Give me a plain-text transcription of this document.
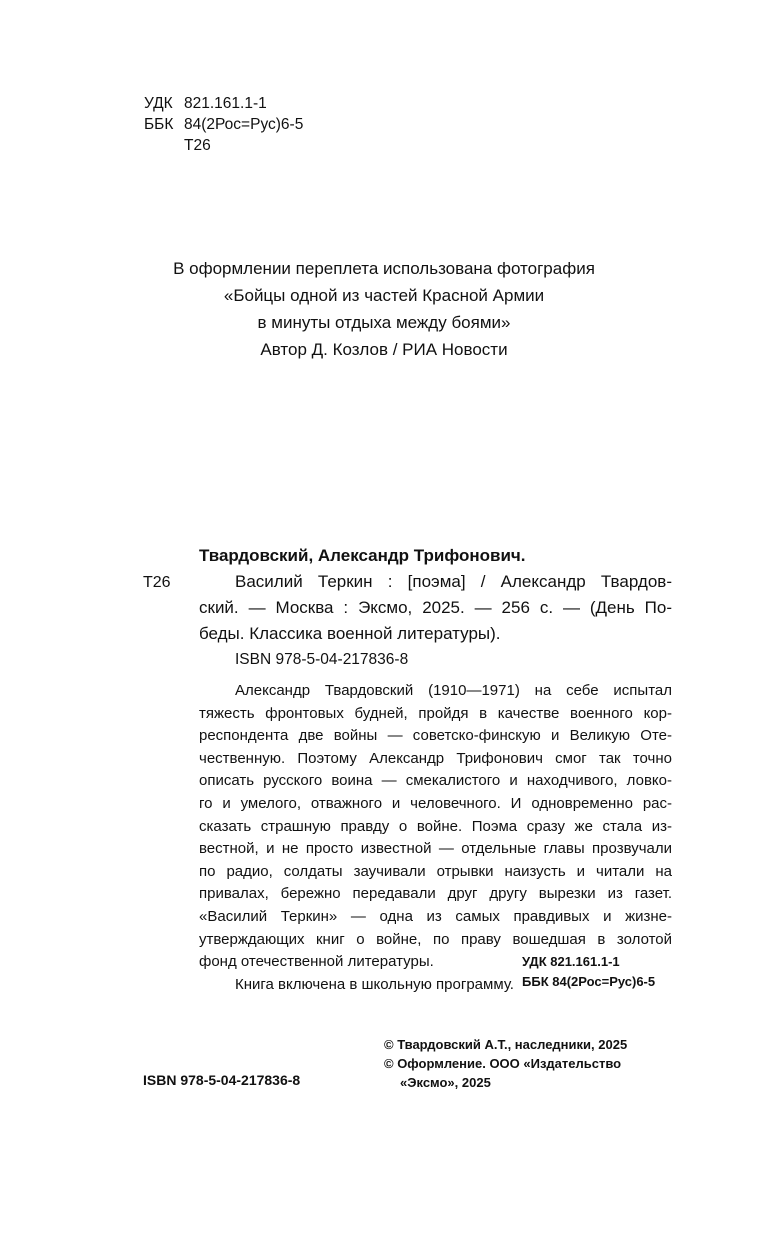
УДК 821.161.1-1
ББК 84(2Рос=Рус)6-5
Т26
В оформлении переплета использована фотография
«Бойцы одной из частей Красной Армии
в минуты отдыха между боями»
Автор Д. Козлов / РИА Новости
Твардовский, Александр Трифонович.
Т26	Василий Теркин : [поэма] / Александр Твардов-
ский. — Москва : Эксмо, 2025. — 256 с. — (День По-
беды. Классика военной литературы).
ISBN 978-5-04-217836-8
Александр Твардовский (1910—1971) на себе испытал
тяжесть фронтовых будней, пройдя в качестве военного кор-
респондента две войны — советско-финскую и Великую Оте-
чественную. Поэтому Александр Трифонович смог так точно
описать русского воина — смекалистого и находчивого, ловко-
го и умелого, отважного и человечного. И одновременно рас-
сказать страшную правду о войне. Поэма сразу же стала из-
вестной, и не просто известной — отдельные главы прозвучали
по радио, солдаты заучивали отрывки наизусть и читали на
привалах, бережно передавали друг другу вырезки из газет.
«Василий Теркин» — одна из самых правдивых и жизне-
утверждающих книг о войне, по праву вошедшая в золотой
фонд отечественной литературы.
Книга включена в школьную программу.
УДК 821.161.1-1
ББК 84(2Рос=Рус)6-5
© Твардовский А.Т., наследники, 2025
© Оформление. ООО «Издательство
«Эксмо», 2025
ISBN 978-5-04-217836-8
